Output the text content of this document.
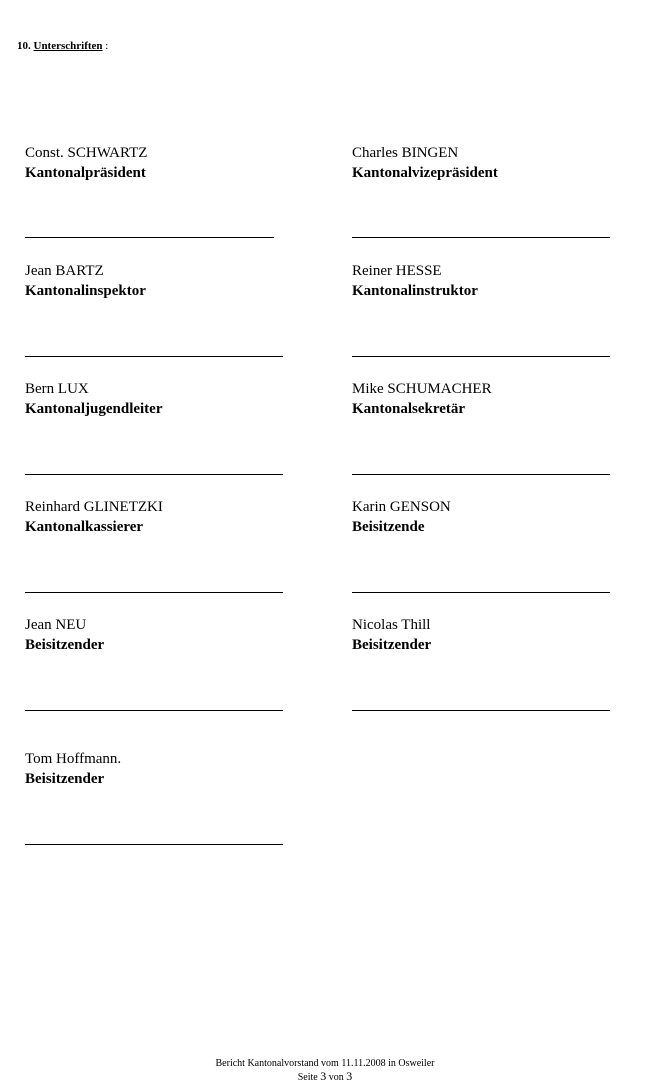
10. Unterschriften :
Const. SCHWARTZ
Kantonalpräsident
Charles BINGEN
Kantonalvizepräsident
Jean BARTZ
Kantonalinspektor
Reiner HESSE
Kantonalinstruktor
Bern LUX
Kantonaljugendleiter
Mike SCHUMACHER
Kantonalsekretär
Reinhard GLINETZKI
Kantonalkassierer
Karin GENSON
Beisitzende
Jean NEU
Beisitzender
Nicolas Thill
Beisitzender
Tom Hoffmann.
Beisitzender
Bericht Kantonalvorstand vom 11.11.2008 in Osweiler
Seite 3 von 3
